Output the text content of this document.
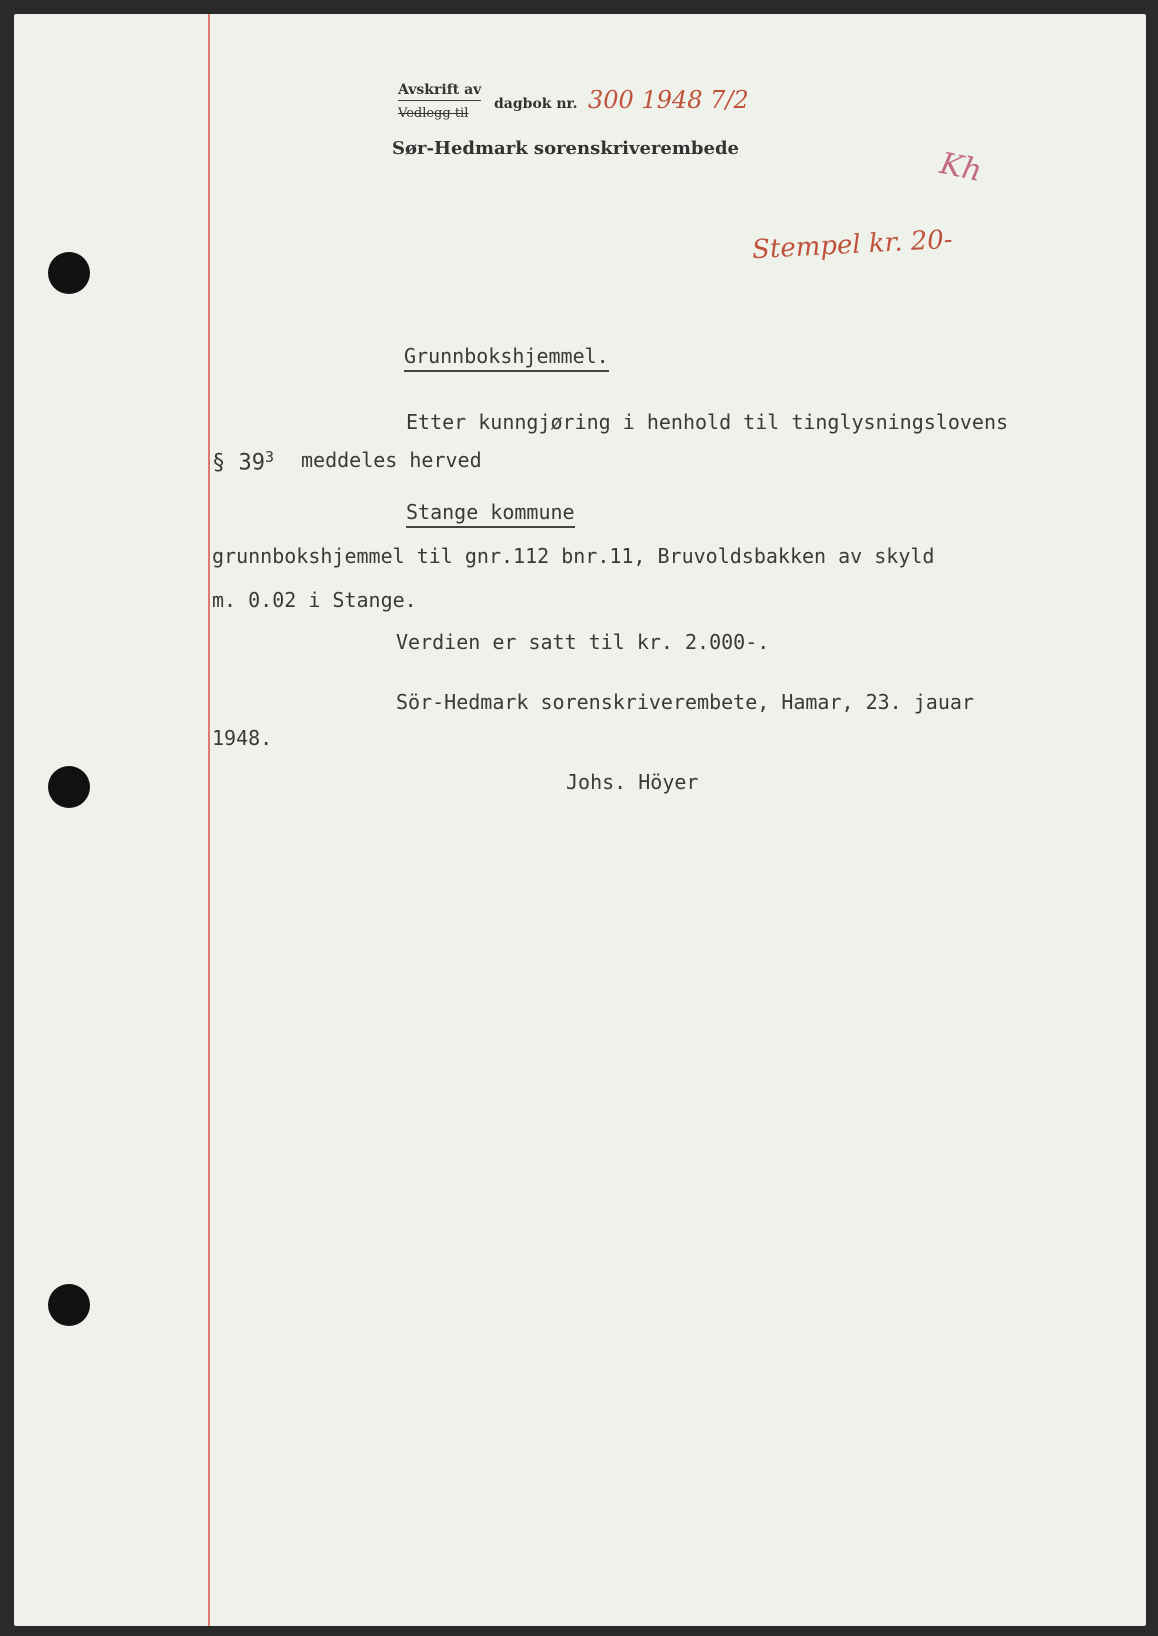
Avskrift av
Vedlegg til
dagbok nr. 300 1948 7/2
Sør-Hedmark sorenskriverembede	Kh
Stempel kr. 20-
Grunnbokshjemmel.
Etter kunngjøring i henhold til tinglysningslovens
§ $39^3$ meddeles herved
Stange kommune
grunnbokshjemmel til gnr.112 bnr.11, Bruvoldsbakken av skyld
m. 0.02 i Stange.
Verdien er satt til kr. 2.000-.
Sör-Hedmark sorenskriverembete, Hamar, 23. jauar
1948.
Johs. Höyer
